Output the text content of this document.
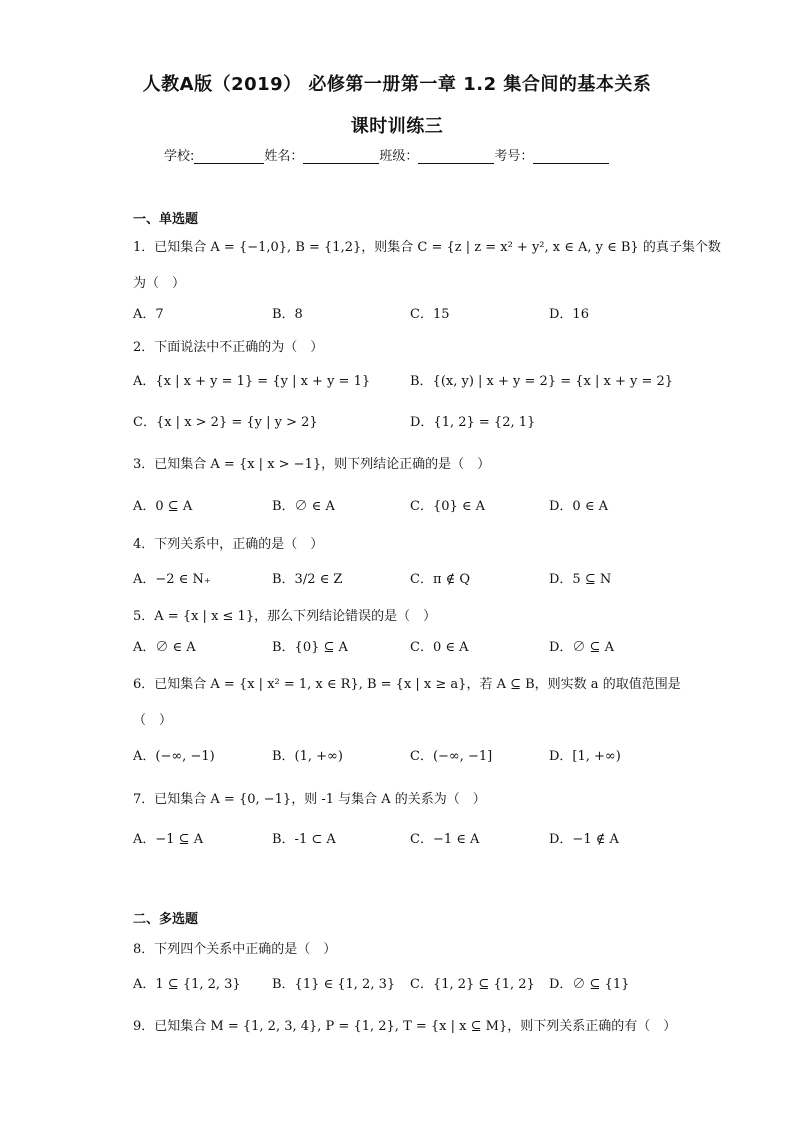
人教A版（2019） 必修第一册第一章 1.2 集合间的基本关系
课时训练三
学校:	姓名：	班级：	考号：
一、单选题
1．已知集合 A = {−1,0}, B = {1,2}，则集合 C = {z | z = x² + y², x ∈ A, y ∈ B} 的真子集个数
为（　）
A．7	B．8	C．15	D．16
2．下面说法中不正确的为（　）
A．{x | x + y = 1} = {y | x + y = 1}	B．{(x, y) | x + y = 2} = {x | x + y = 2}
C．{x | x > 2} = {y | y > 2}	D．{1, 2} = {2, 1}
3．已知集合 A = {x | x > −1}，则下列结论正确的是（　）
A．0 ⊆ A	B．∅ ∈ A	C．{0} ∈ A	D．0 ∈ A
4．下列关系中，正确的是（　）
A．−2 ∈ N₊	B．3/2 ∈ Z	C．π ∉ Q	D．5 ⊆ N
5．A = {x | x ≤ 1}，那么下列结论错误的是（　）
A．∅ ∈ A	B．{0} ⊆ A	C．0 ∈ A	D．∅ ⊆ A
6．已知集合 A = {x | x² = 1, x ∈ R}, B = {x | x ≥ a}，若 A ⊆ B，则实数 a 的取值范围是
（　）
A．(−∞, −1)	B．(1, +∞)	C．(−∞, −1]	D．[1, +∞)
7．已知集合 A = {0, −1}，则 -1 与集合 A 的关系为（　）
A．−1 ⊆ A	B．-1 ⊂ A	C．−1 ∈ A	D．−1 ∉ A
二、多选题
8．下列四个关系中正确的是（　）
A．1 ⊆ {1, 2, 3} B．{1} ∈ {1, 2, 3} C．{1, 2} ⊆ {1, 2} D．∅ ⊆ {1}
9．已知集合 M = {1, 2, 3, 4}, P = {1, 2}, T = {x | x ⊆ M}，则下列关系正确的有（　）
